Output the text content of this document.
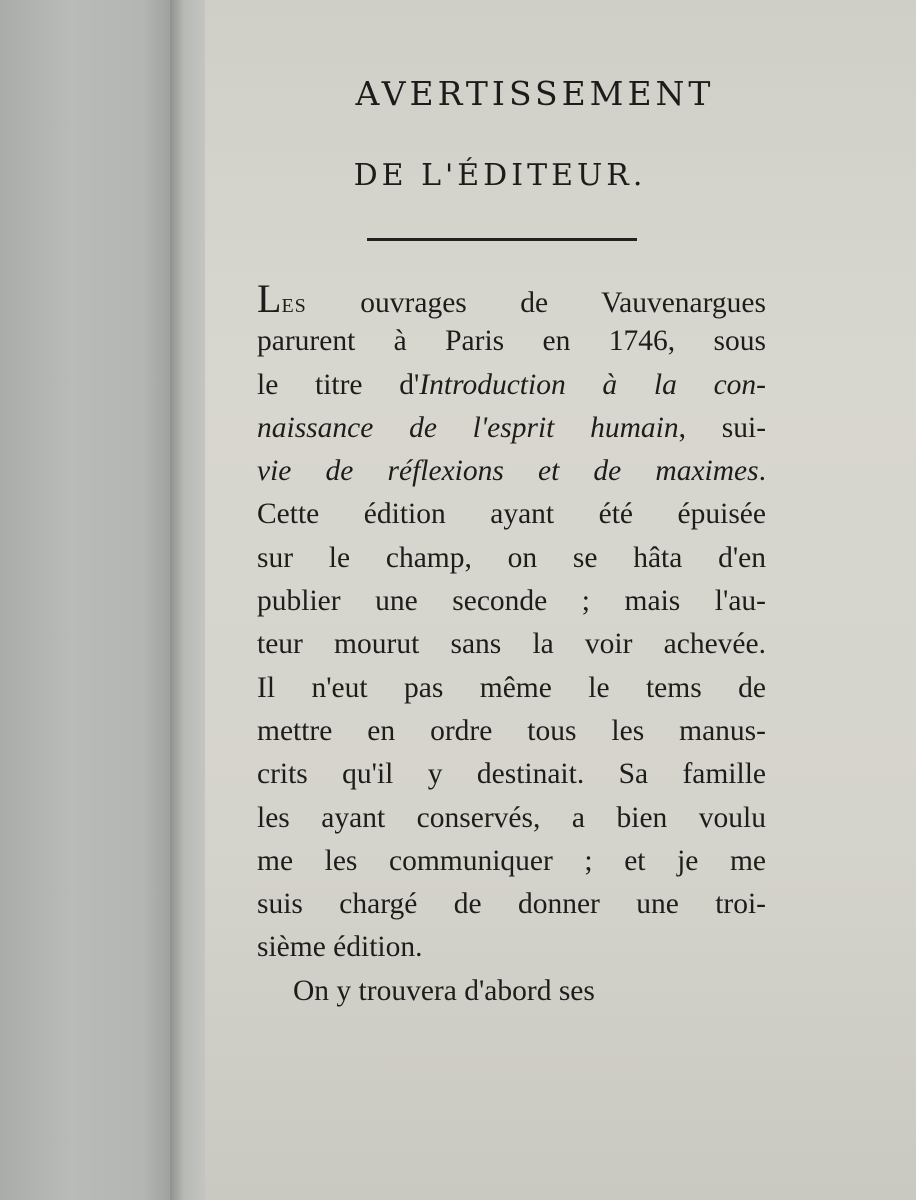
AVERTISSEMENT
DE L'ÉDITEUR.
LES ouvrages de Vauvenargues
parurent à Paris en 1746, sous
le titre d'Introduction à la con-
naissance de l'esprit humain, sui-
vie de réflexions et de maximes.
Cette édition ayant été épuisée
sur le champ, on se hâta d'en
publier une seconde ; mais l'au-
teur mourut sans la voir achevée.
Il n'eut pas même le tems de
mettre en ordre tous les manus-
crits qu'il y destinait. Sa famille
les ayant conservés, a bien voulu
me les communiquer ; et je me
suis chargé de donner une troi-
sième édition.
On y trouvera d'abord ses
